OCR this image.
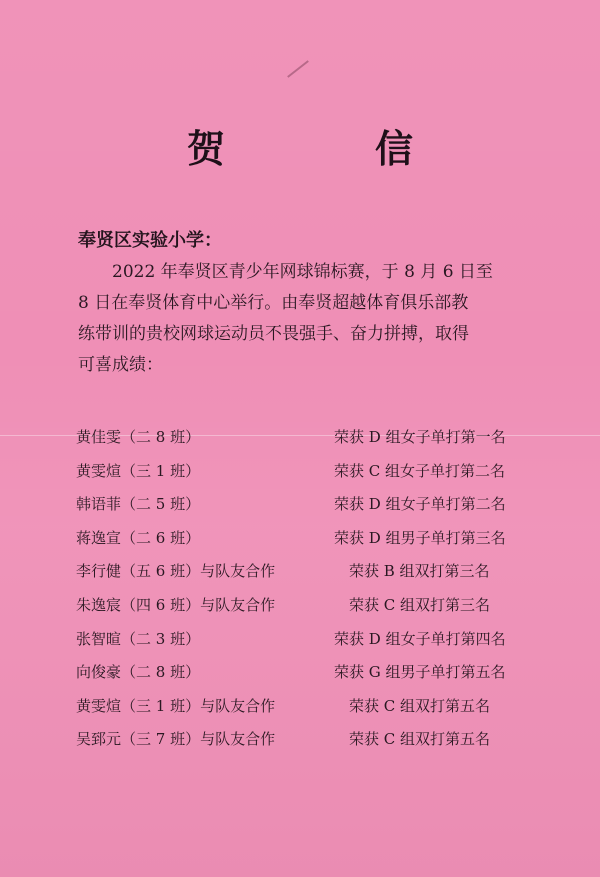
贺　信
奉贤区实验小学：
　　2022 年奉贤区青少年网球锦标赛，于 8 月 6 日至
8 日在奉贤体育中心举行。由奉贤超越体育俱乐部教
练带训的贵校网球运动员不畏强手、奋力拼搏，取得
可喜成绩：
黄佳雯（二 8 班）	荣获 D 组女子单打第一名
黄雯煊（三 1 班）	荣获 C 组女子单打第二名
韩语菲（二 5 班）	荣获 D 组女子单打第二名
蒋逸宣（二 6 班）	荣获 D 组男子单打第三名
李行健（五 6 班）与队友合作	荣获 B 组双打第三名
朱逸宸（四 6 班）与队友合作	荣获 C 组双打第三名
张智暄（二 3 班）	荣获 D 组女子单打第四名
向俊豪（二 8 班）	荣获 G 组男子单打第五名
黄雯煊（三 1 班）与队友合作	荣获 C 组双打第五名
吴郅元（三 7 班）与队友合作	荣获 C 组双打第五名
